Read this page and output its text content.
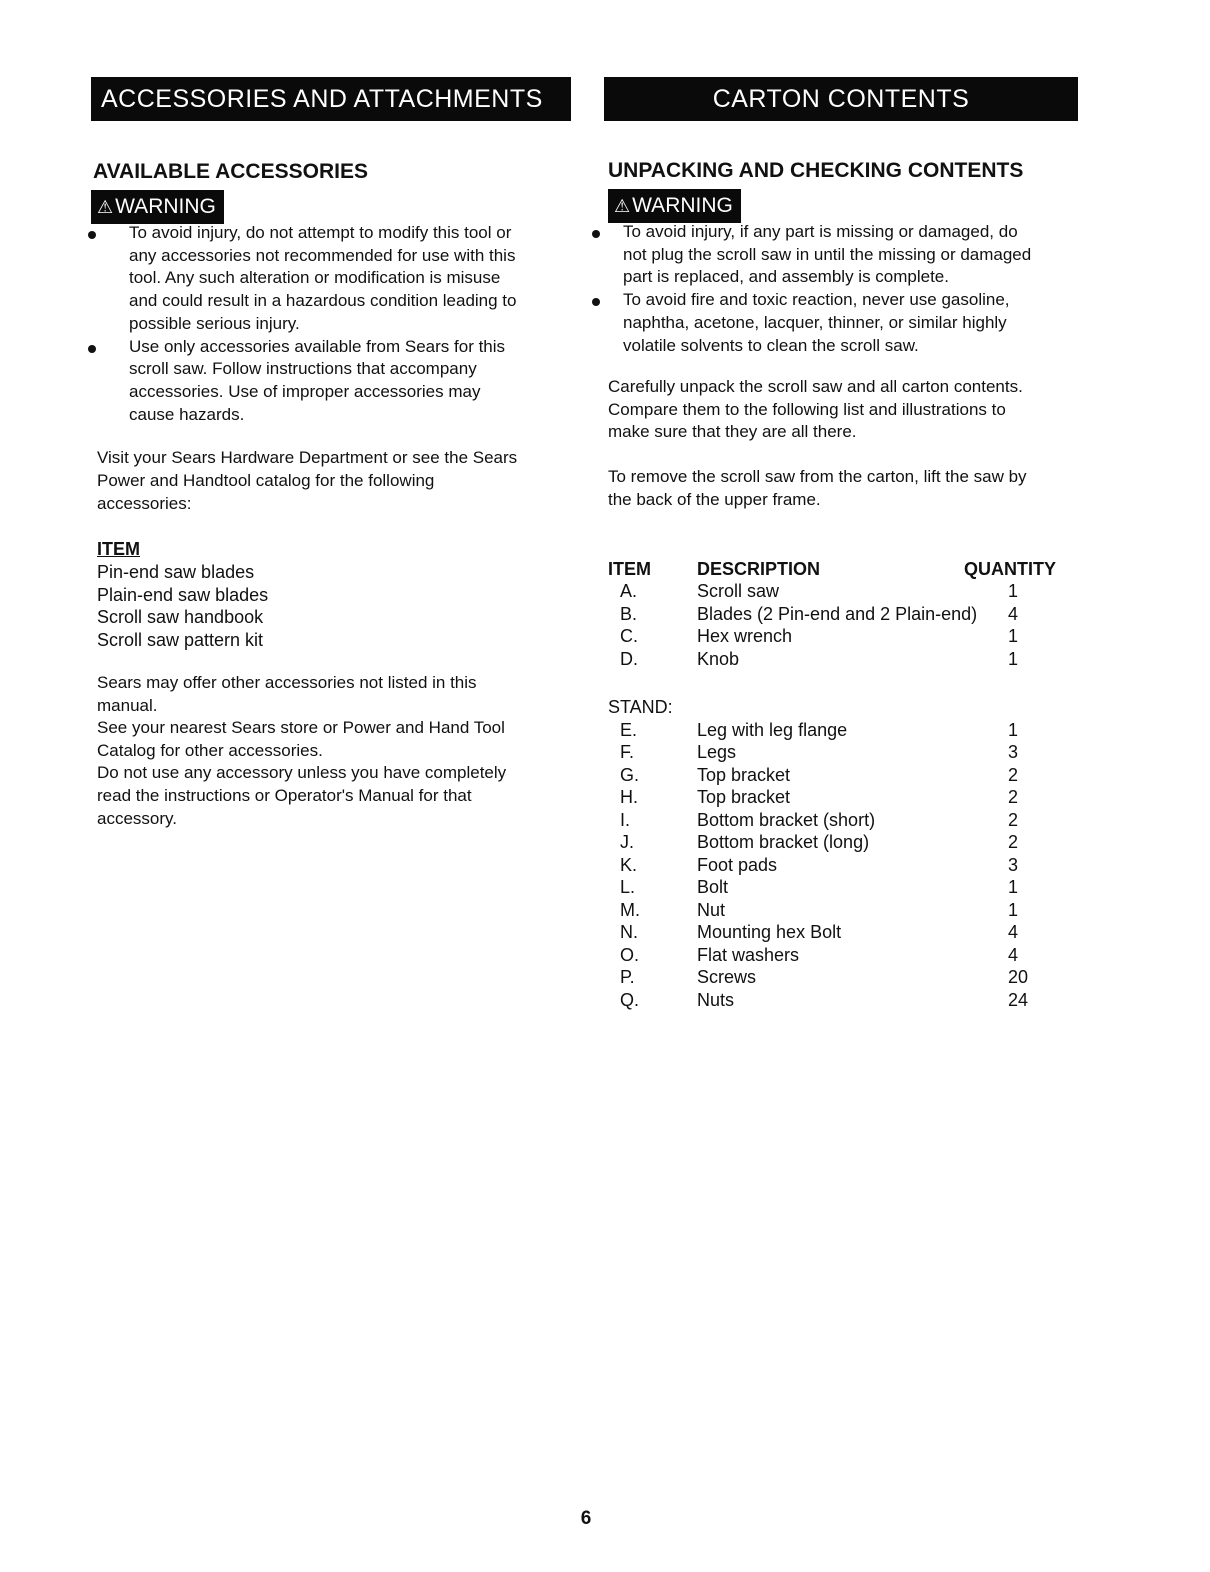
ACCESSORIES AND ATTACHMENTS	CARTON CONTENTS
AVAILABLE ACCESSORIES
⚠WARNING
To avoid injury, do not attempt to modify this tool or
any accessories not recommended for use with this
tool. Any such alteration or modification is misuse
and could result in a hazardous condition leading to
possible serious injury.
Use only accessories available from Sears for this
scroll saw. Follow instructions that accompany
accessories. Use of improper accessories may
cause hazards.
Visit your Sears Hardware Department or see the Sears
Power and Handtool catalog for the following
accessories:
ITEM
Pin-end saw blades
Plain-end saw blades
Scroll saw handbook
Scroll saw pattern kit
Sears may offer other accessories not listed in this
manual.
See your nearest Sears store or Power and Hand Tool
Catalog for other accessories.
Do not use any accessory unless you have completely
read the instructions or Operator's Manual for that
accessory.
UNPACKING AND CHECKING CONTENTS
⚠WARNING
To avoid injury, if any part is missing or damaged, do
not plug the scroll saw in until the missing or damaged
part is replaced, and assembly is complete.
To avoid fire and toxic reaction, never use gasoline,
naphtha, acetone, lacquer, thinner, or similar highly
volatile solvents to clean the scroll saw.
Carefully unpack the scroll saw and all carton contents.
Compare them to the following list and illustrations to
make sure that they are all there.
To remove the scroll saw from the carton, lift the saw by
the back of the upper frame.
ITEM	DESCRIPTION	QUANTITY
A.	Scroll saw	1
B.	Blades (2 Pin-end and 2 Plain-end) 4
C.	Hex wrench	1
D.	Knob	1
STAND:
E.	Leg with leg flange	1
F.	Legs	3
G.	Top bracket	2
H.	Top bracket	2
I.	Bottom bracket (short)	2
J.	Bottom bracket (long)	2
K.	Foot pads	3
L.	Bolt	1
M.	Nut	1
N.	Mounting hex Bolt	4
O.	Flat washers	4
P.	Screws	20
Q.	Nuts	24
6
